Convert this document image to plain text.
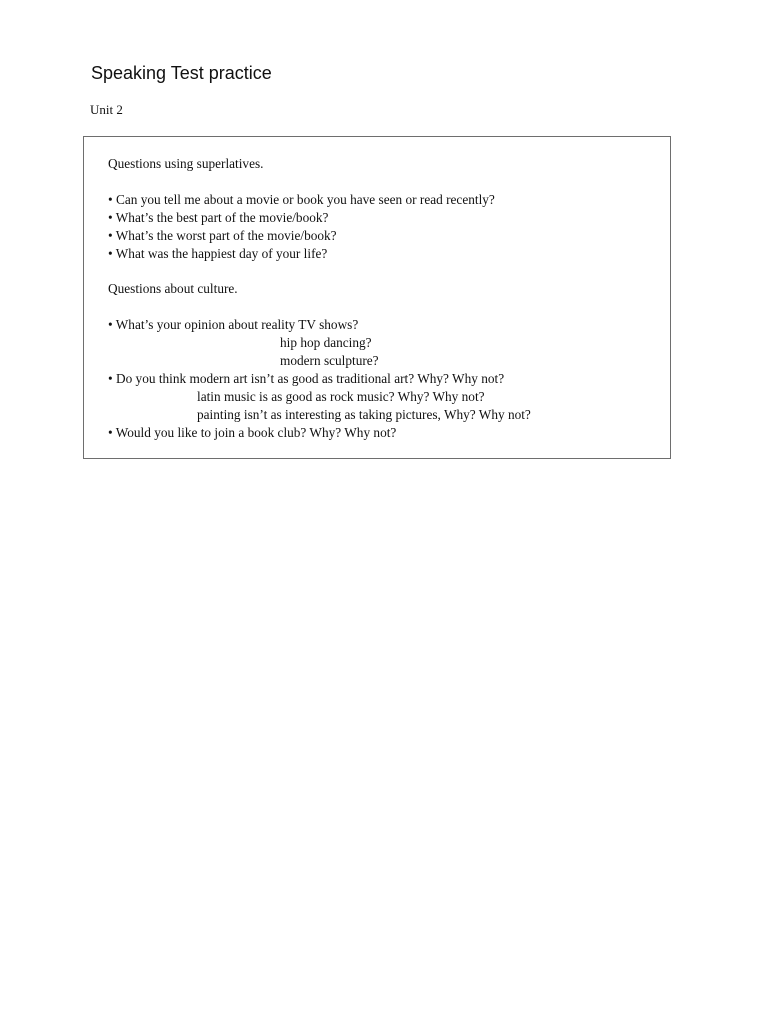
Speaking Test practice
Unit 2
Questions using superlatives.
• Can you tell me about a movie or book you have seen or read recently?
• What’s the best part of the movie/book?
• What’s the worst part of the movie/book?
• What was the happiest day of your life?
Questions about culture.
• What’s your opinion about reality TV shows?
hip hop dancing?
modern sculpture?
• Do you think modern art isn’t as good as traditional art? Why? Why not?
latin music is as good as rock music? Why? Why not?
painting isn’t as interesting as taking pictures, Why? Why not?
• Would you like to join a book club? Why? Why not?
